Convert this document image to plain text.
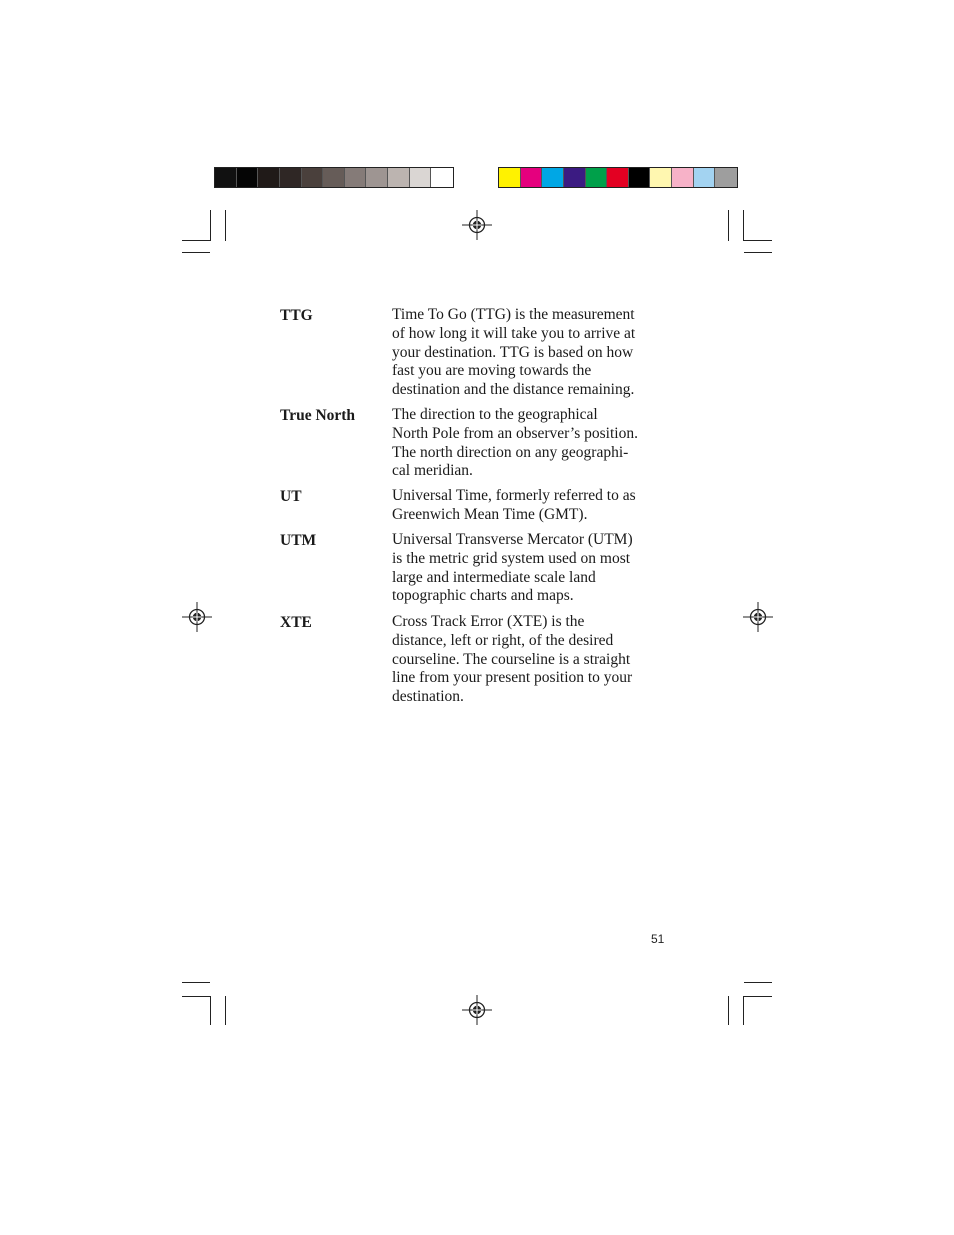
TTG	Time To Go (TTG) is the measurement
of how long it will take you to arrive at
your destination. TTG is based on how
fast you are moving towards the
destination and the distance remaining.
True North	The direction to the geographical
North Pole from an observer’s position.
The north direction on any geographi-
cal meridian.
UT	Universal Time, formerly referred to as
Greenwich Mean Time (GMT).
UTM	Universal Transverse Mercator (UTM)
is the metric grid system used on most
large and intermediate scale land
topographic charts and maps.
XTE	Cross Track Error (XTE) is the
distance, left or right, of the desired
courseline. The courseline is a straight
line from your present position to your
destination.
51
